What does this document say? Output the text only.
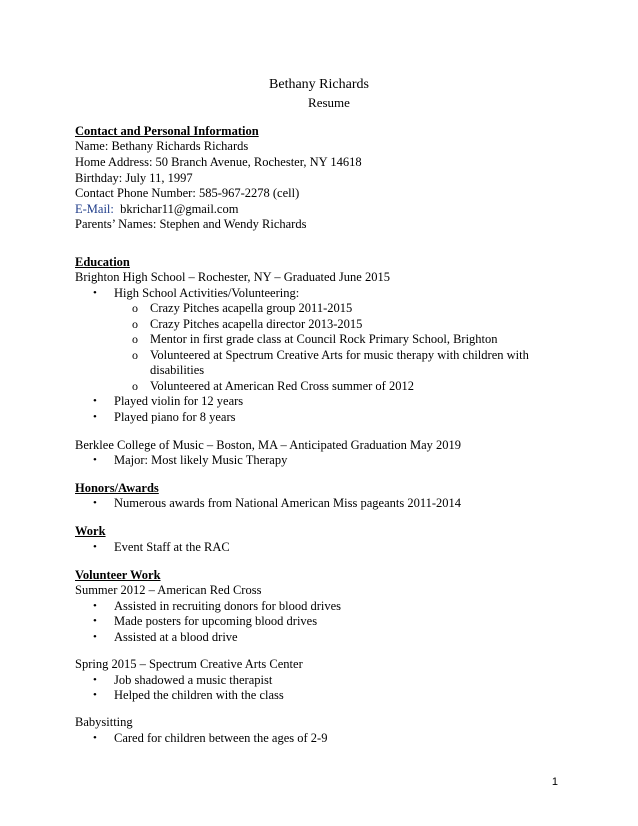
Bethany Richards
Resume
Contact and Personal Information
Name: Bethany Richards Richards
Home Address: 50 Branch Avenue, Rochester, NY 14618
Birthday: July 11, 1997
Contact Phone Number: 585-967-2278 (cell)
E-Mail: bkrichar11@gmail.com
Parents’ Names: Stephen and Wendy Richards
Education
Brighton High School – Rochester, NY – Graduated June 2015
• High School Activities/Volunteering:
o Crazy Pitches acapella group 2011-2015
o Crazy Pitches acapella director 2013-2015
o Mentor in first grade class at Council Rock Primary School, Brighton
o Volunteered at Spectrum Creative Arts for music therapy with children with
disabilities
o Volunteered at American Red Cross summer of 2012
• Played violin for 12 years
• Played piano for 8 years
Berklee College of Music – Boston, MA – Anticipated Graduation May 2019
• Major: Most likely Music Therapy
Honors/Awards
• Numerous awards from National American Miss pageants 2011-2014
Work
• Event Staff at the RAC
Volunteer Work
Summer 2012 – American Red Cross
• Assisted in recruiting donors for blood drives
• Made posters for upcoming blood drives
• Assisted at a blood drive
Spring 2015 – Spectrum Creative Arts Center
• Job shadowed a music therapist
• Helped the children with the class
Babysitting
• Cared for children between the ages of 2-9
1
